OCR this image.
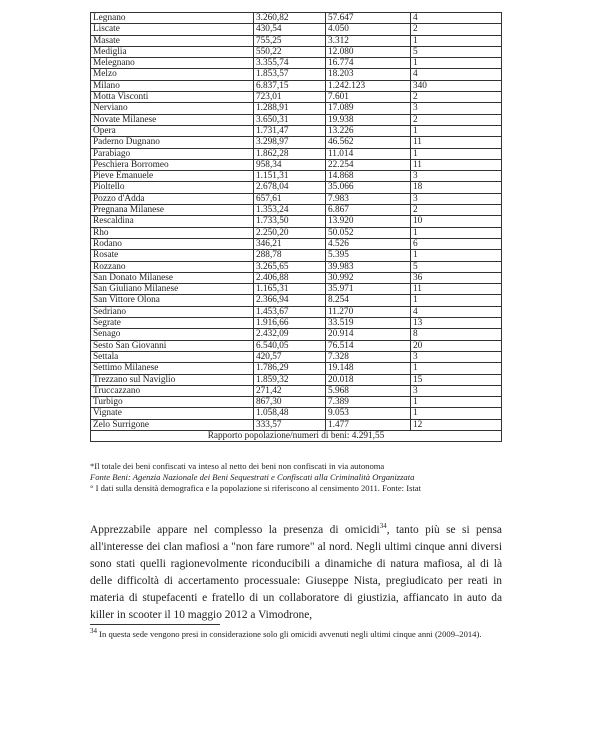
Legnano	3.260,82	57.647	4
Liscate	430,54	4.050	2
Masate	755,25	3.312	1
Mediglia	550,22	12.080	5
Melegnano	3.355,74	16.774	1
Melzo	1.853,57	18.203	4
Milano	6.837,15	1.242.123	340
Motta Visconti	723,01	7.601	2
Nerviano	1.288,91	17.089	3
Novate Milanese	3.650,31	19.938	2
Opera	1.731,47	13.226	1
Paderno Dugnano	3.298,97	46.562	11
Parabiago	1.862,28	11.014	1
Peschiera Borromeo	958,34	22.254	11
Pieve Emanuele	1.151,31	14.868	3
Pioltello	2.678,04	35.066	18
Pozzo d'Adda	657,61	7.983	3
Pregnana Milanese	1.353,24	6.867	2
Rescaldina	1.733,50	13.920	10
Rho	2.250,20	50.052	1
Rodano	346,21	4.526	6
Rosate	288,78	5.395	1
Rozzano	3.265,65	39.983	5
San Donato Milanese	2.406,88	30.992	36
San Giuliano Milanese	1.165,31	35.971	11
San Vittore Olona	2.366,94	8.254	1
Sedriano	1.453,67	11.270	4
Segrate	1.916,66	33.519	13
Senago	2.432,09	20.914	8
Sesto San Giovanni	6.540,05	76.514	20
Settala	420,57	7.328	3
Settimo Milanese	1.786,29	19.148	1
Trezzano sul Naviglio	1.859,32	20.018	15
Truccazzano	271,42	5.968	3
Turbigo	867,30	7.389	1
Vignate	1.058,48	9.053	1
Zelo Surrigone	333,57	1.477	12
Rapporto popolazione/numeri di beni: 4.291,55			

*Il totale dei beni confiscati va inteso al netto dei beni non confiscati in via autonoma

Fonte Beni: Agenzia Nazionale dei Beni Sequestrati e Confiscati alla Criminalità Organizzata

° I dati sulla densità demografica e la popolazione si riferiscono al censimento 2011. Fonte: Istat

Apprezzabile appare nel complesso la presenza di omicidi$^{34}$, tanto più se si pensa all'interesse dei clan mafiosi a "non fare rumore" al nord. Negli ultimi cinque anni diversi sono stati quelli ragionevolmente riconducibili a dinamiche di natura mafiosa, al di là delle difficoltà di accertamento processuale: Giuseppe Nista, pregiudicato per reati in materia di stupefacenti e fratello di un collaboratore di giustizia, affiancato in auto da killer in scooter il 10 maggio 2012 a Vimodrone,

$^{34}$ In questa sede vengono presi in considerazione solo gli omicidi avvenuti negli ultimi cinque anni (2009–2014).
